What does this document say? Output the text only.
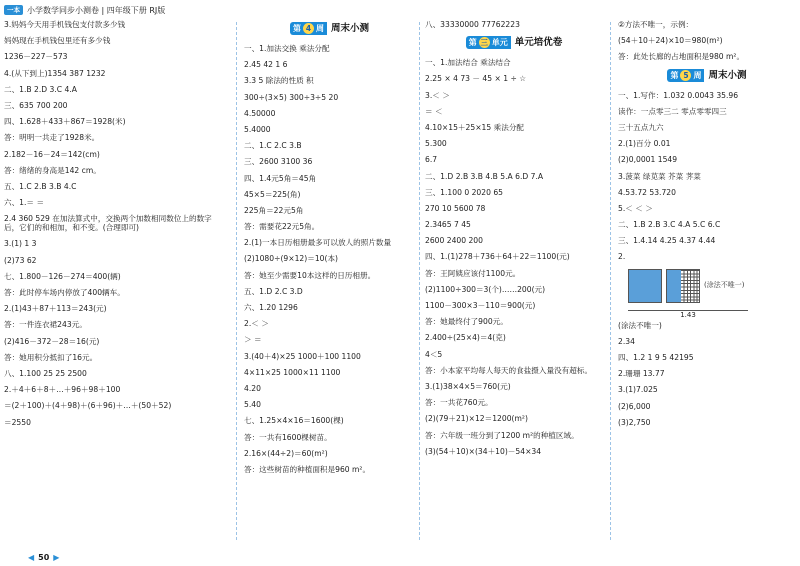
一本 小学数学同步小测卷 | 四年级下册 RJ版
3.妈妈今天用手机钱包支付款多少钱
妈妈现在手机钱包里还有多少钱
1236－227－573
4.(从下到上)1354 387 1232
二、1.B 2.D 3.C 4.A
三、635 700 200
四、1.628＋433＋867＝1928(米)
答：明明一共走了1928米。
2.182－16－24＝142(cm)
答：绪绪的身高是142 cm。
五、1.C 2.B 3.B 4.C
六、1.＝ ＝
2.4 360 529 在加法算式中，交换两个加数相同数位上的数字后，它们的和相加，和不变。(合理即可)
3.(1) 1 3
(2)73 62
七、1.800－126－274＝400(辆)
答：此时停车场内停放了400辆车。
2.(1)43＋87＋113＝243(元)
答：一件连衣裙243元。
(2)416－372－28＝16(元)
答：她用积分抵扣了16元。
八、1.100 25 25 2500
2.＋4＋6＋8＋…＋96＋98＋100
＝(2＋100)＋(4＋98)＋(6＋96)＋…＋(50＋52)
＝2550
第 4 周 周末小测
一、1.加法交换 乘法分配
2.45 42 1 6
3.3 5 除法的性质 积
300÷(3×5) 300÷3÷5 20
4.50000
5.4000
二、1.C 2.C 3.B
三、2600 3100 36
四、1.4元5角＝45角
45×5＝225(角)
225角＝22元5角
答：需要花22元5角。
2.(1)一本日历相册最多可以放人的照片数量
(2)1080÷(9×12)＝10(本)
答：她至少需要10本这样的日历相册。
五、1.D 2.C 3.D
六、1.20 1296
2.＜ ＞
＞ ＝
3.(40＋4)×25 1000＋100 1100
4×11×25 1000×11 1100
4.20
5.40
七、1.25×4×16＝1600(棵)
答：一共有1600棵树苗。
2.16×(44÷2)＝60(m²)
答：这些树苗的种植面积是960 m²。
八、33330000 77762223
第 三 单元 单元培优卷
一、1.加法结合 乘法结合
2.25 × 4 73 － 45 × 1 ÷ ☆
3.＜ ＞
＝ ＜
4.10×15＋25×15 乘法分配
5.300
6.7
二、1.D 2.B 3.B 4.B 5.A 6.D 7.A
三、1.100 0 2020 65
270 10 5600 78
2.3465 7 45
2600 2400 200
四、1.(1)278＋736＋64＋22＝1100(元)
答：王阿姨应该付1100元。
(2)1100÷300＝3(个)……200(元)
1100－300×3－110＝900(元)
答：她最终付了900元。
2.400÷(25×4)＝4(克)
4＜5
答：小本家平均每人每天的食盐摄入量没有超标。
3.(1)38×4×5＝760(元)
答：一共花760元。
(2)(79＋21)×12＝1200(m²)
答：六年级一班分到了1200 m²的种植区域。
(3)(54＋10)×(34＋10)－54×34
②方法不唯一，示例：
(54＋10＋24)×10＝980(m²)
答：此处长廊的占地面积是980 m²。
第 5 周 周末小测
一、1.写作：1.032 0.0043 35.96
读作：一点零三二 零点零零四三
三十五点九六
2.(1)百分 0.01
(2)0,0001 1549
3.菠菜 绿苋菜 芥菜 荠菜
4.53.72 53.720
5.＜ ＜ ＞
二、1.B 2.B 3.C 4.A 5.C 6.C
三、1.4.14 4.25 4.37 4.44
2.
(涂法不唯一)
1.43
(涂法不唯一)
2.34
四、1.2 1 9 5 42195
2.珊珊 13.77
3.(1)7.025
(2)6,000
(3)2,750
◀ 50 ▶
